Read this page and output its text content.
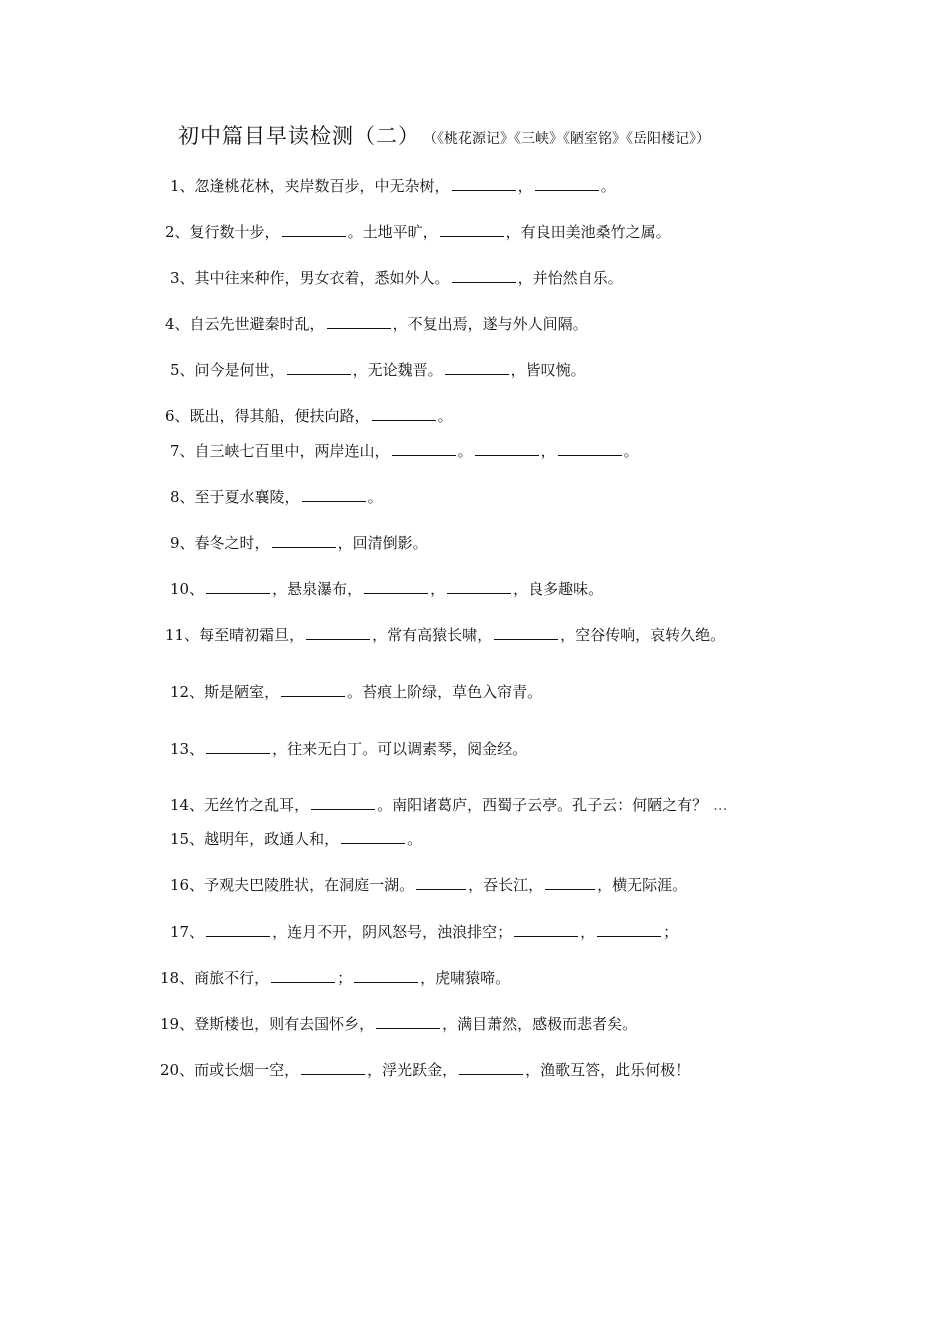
初中篇目早读检测（二） （《桃花源记》《三峡》《陋室铭》《岳阳楼记》）
1、忽逢桃花林，夹岸数百步，中无杂树，	，	。
2、复行数十步，	。土地平旷，	，有良田美池桑竹之属。
3、其中往来种作，男女衣着，悉如外人。	，并怡然自乐。
4、自云先世避秦时乱，	，不复出焉，遂与外人间隔。
5、问今是何世，	，无论魏晋。	，皆叹惋。
6、既出，得其船，便扶向路，	。
7、自三峡七百里中，两岸连山，	。	，	。
8、至于夏水襄陵，	。
9、春冬之时，	，回清倒影。
10、	，悬泉瀑布，	，	，良多趣味。
11、每至晴初霜旦，	，常有高猿长啸，	，空谷传响，哀转久绝。
12、斯是陋室，	。苔痕上阶绿，草色入帘青。
13、	，往来无白丁。可以调素琴，阅金经。
14、无丝竹之乱耳，	。南阳诸葛庐，西蜀子云亭。孔子云：何陋之有？ ...
15、越明年，政通人和，	。
16、予观夫巴陵胜状，在洞庭一湖。	，吞长江，	，横无际涯。
17、	，连月不开，阴风怒号，浊浪排空；	，	；
18、商旅不行，	；	，虎啸猿啼。
19、登斯楼也，则有去国怀乡，	，满目萧然，感极而悲者矣。
20、而或长烟一空，	，浮光跃金，	，渔歌互答，此乐何极！
